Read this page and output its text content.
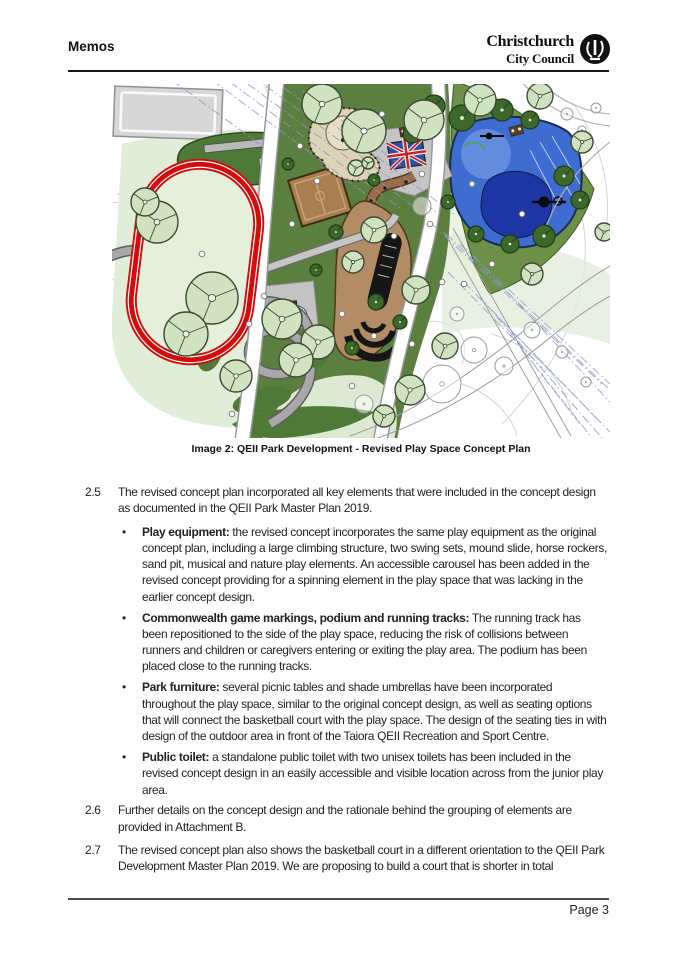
Memos	Christchurch
City Council
Image 2: QEII Park Development - Revised Play Space Concept Plan
2.5	The revised concept plan incorporated all key elements that were included in the concept design as documented in the QEII Park Master Plan 2019.
•	Play equipment: the revised concept incorporates the same play equipment as the original concept plan, including a large climbing structure, two swing sets, mound slide, horse rockers, sand pit, musical and nature play elements. An accessible carousel has been added in the revised concept providing for a spinning element in the play space that was lacking in the earlier concept design.
•	Commonwealth game markings, podium and running tracks: The running track has been repositioned to the side of the play space, reducing the risk of collisions between runners and children or caregivers entering or exiting the play area. The podium has been placed close to the running tracks.
•	Park furniture: several picnic tables and shade umbrellas have been incorporated throughout the play space, similar to the original concept design, as well as seating options that will connect the basketball court with the play space. The design of the seating ties in with design of the outdoor area in front of the Taiora QEII Recreation and Sport Centre.
•	Public toilet: a standalone public toilet with two unisex toilets has been included in the revised concept design in an easily accessible and visible location across from the junior play area.
2.6	Further details on the concept design and the rationale behind the grouping of elements are provided in Attachment B.
2.7	The revised concept plan also shows the basketball court in a different orientation to the QEII Park Development Master Plan 2019. We are proposing to build a court that is shorter in total
Page 3
